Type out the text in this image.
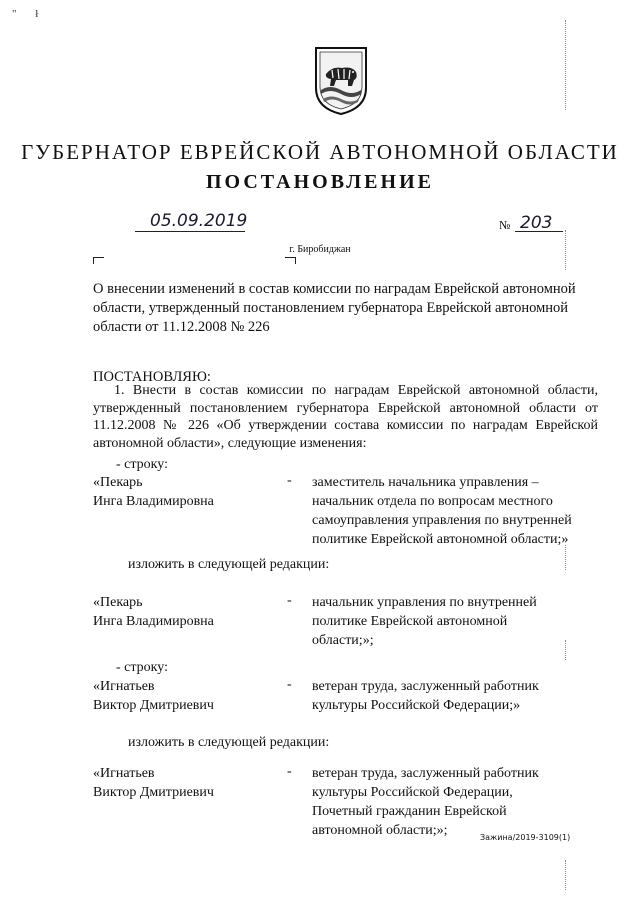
" ł
ГУБЕРНАТОР ЕВРЕЙСКОЙ АВТОНОМНОЙ ОБЛАСТИ
ПОСТАНОВЛЕНИЕ
05.09.2019	№ 203
г. Биробиджан
О внесении изменений в состав комиссии по наградам Еврейской автономной области, утвержденный постановлением губернатора Еврейской автономной области от 11.12.2008 № 226
ПОСТАНОВЛЯЮ:
1. Внести в состав комиссии по наградам Еврейской автономной области, утвержденный постановлением губернатора Еврейской автономной области от 11.12.2008 № 226 «Об утверждении состава комиссии по наградам Еврейской автономной области», следующие изменения:
- строку:
«Пекарь
Инга Владимировна
- заместитель начальника управления –
начальник отдела по вопросам местного
самоуправления управления по внутренней
политике Еврейской автономной области;»
изложить в следующей редакции:
«Пекарь
Инга Владимировна
- начальник управления по внутренней
политике Еврейской автономной
области;»;
- строку:
«Игнатьев
Виктор Дмитриевич
- ветеран труда, заслуженный работник
культуры Российской Федерации;»
изложить в следующей редакции:
«Игнатьев
Виктор Дмитриевич
- ветеран труда, заслуженный работник
культуры Российской Федерации,
Почетный гражданин Еврейской
автономной области;»;	Зажина/2019-3109(1)
